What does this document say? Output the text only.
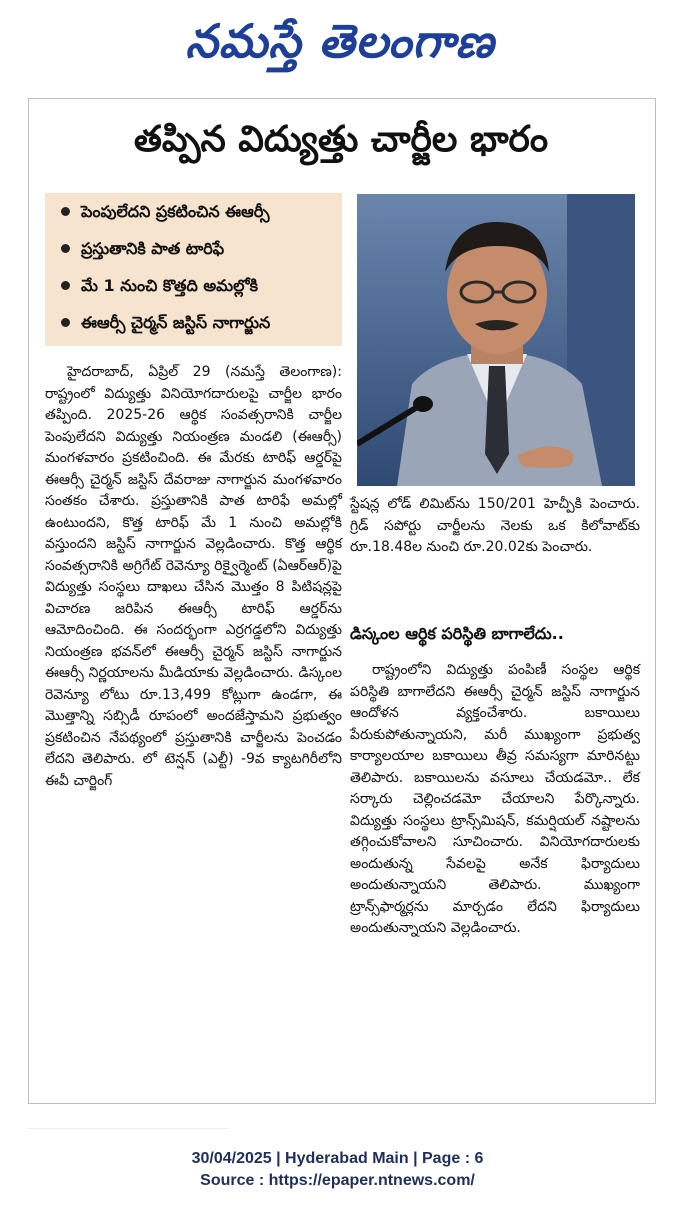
నమస్తే తెలంగాణ
తప్పిన విద్యుత్తు చార్జీల భారం
పెంపులేదని ప్రకటించిన ఈఆర్సీ
ప్రస్తుతానికి పాత టారిఫే
మే 1 నుంచి కొత్తది అమల్లోకి
ఈఆర్సీ చైర్మన్ జస్టిస్ నాగార్జున

హైదరాబాద్, ఏప్రిల్ 29 (నమస్తే తెలంగాణ): రాష్ట్రంలో విద్యుత్తు వినియోగదారులపై చార్జీల భారం తప్పింది. 2025-26 ఆర్థిక సంవత్సరానికి చార్జీల పెంపులేదని విద్యుత్తు నియంత్రణ మండలి (ఈఆర్సీ) మంగళవారం ప్రకటించింది. ఈ మేరకు టారిఫ్ ఆర్డర్‌పై ఈఆర్సీ చైర్మన్ జస్టిస్ దేవరాజు నాగార్జున మంగళవారం సంతకం చేశారు. ప్రస్తుతానికి పాత టారిఫే అమల్లో ఉంటుందని, కొత్త టారిఫ్ మే 1 నుంచి అమల్లోకి వస్తుందని జస్టిస్ నాగార్జున వెల్లడించారు. కొత్త ఆర్థిక సంవత్సరానికి అగ్రిగేట్ రెవెన్యూ రిక్వైర్మెంట్ (ఏఆర్ఆర్)పై విద్యుత్తు సంస్థలు దాఖలు చేసిన మొత్తం 8 పిటిషన్లపై విచారణ జరిపిన ఈఆర్సీ టారిఫ్ ఆర్డర్‌ను ఆమోదించింది. ఈ సందర్భంగా ఎర్రగడ్డలోని విద్యుత్తు నియంత్రణ భవన్‌లో ఈఆర్సీ చైర్మన్ జస్టిస్ నాగార్జున ఈఆర్సీ నిర్ణయాలను మీడియాకు వెల్లడించారు. డిస్కంల రెవెన్యూ లోటు రూ.13,499 కోట్లుగా ఉండగా, ఈ మొత్తాన్ని సబ్సిడీ రూపంలో అందజేస్తామని ప్రభుత్వం ప్రకటించిన నేపథ్యంలో ప్రస్తుతానికి చార్జీలను పెంచడం లేదని తెలిపారు. లో టెన్షన్ (ఎల్టీ) -9వ క్యాటగిరీలోని ఈవీ చార్జింగ్

స్టేషన్ల లోడ్ లిమిట్‌ను 150/201 హెచ్పీకి పెంచారు. గ్రిడ్ సపోర్టు చార్జీలను నెలకు ఒక కిలోవాట్‌కు రూ.18.48ల నుంచి రూ.20.02కు పెంచారు.

డిస్కంల ఆర్థిక పరిస్థితి బాగాలేదు..

రాష్ట్రంలోని విద్యుత్తు పంపిణీ సంస్థల ఆర్థిక పరిస్థితి బాగాలేదని ఈఆర్సీ చైర్మన్ జస్టిస్ నాగార్జున ఆందోళన వ్యక్తంచేశారు. బకాయిలు పేరుకుపోతున్నాయని, మరీ ముఖ్యంగా ప్రభుత్వ కార్యాలయాల బకాయిలు తీవ్ర సమస్యగా మారినట్టు తెలిపారు. బకాయిలను వసూలు చేయడమో.. లేక సర్కారు చెల్లించడమో చేయాలని పేర్కొన్నారు. విద్యుత్తు సంస్థలు ట్రాన్స్‌మిషన్, కమర్షియల్ నష్టాలను తగ్గించుకోవాలని సూచించారు. వినియోగదారులకు అందుతున్న సేవలపై అనేక ఫిర్యాదులు అందుతున్నాయని తెలిపారు. ముఖ్యంగా ట్రాన్స్‌ఫార్మర్లను మార్చడం లేదని ఫిర్యాదులు అందుతున్నాయని వెల్లడించారు.

30/04/2025 | Hyderabad Main | Page : 6
Source : https://epaper.ntnews.com/
